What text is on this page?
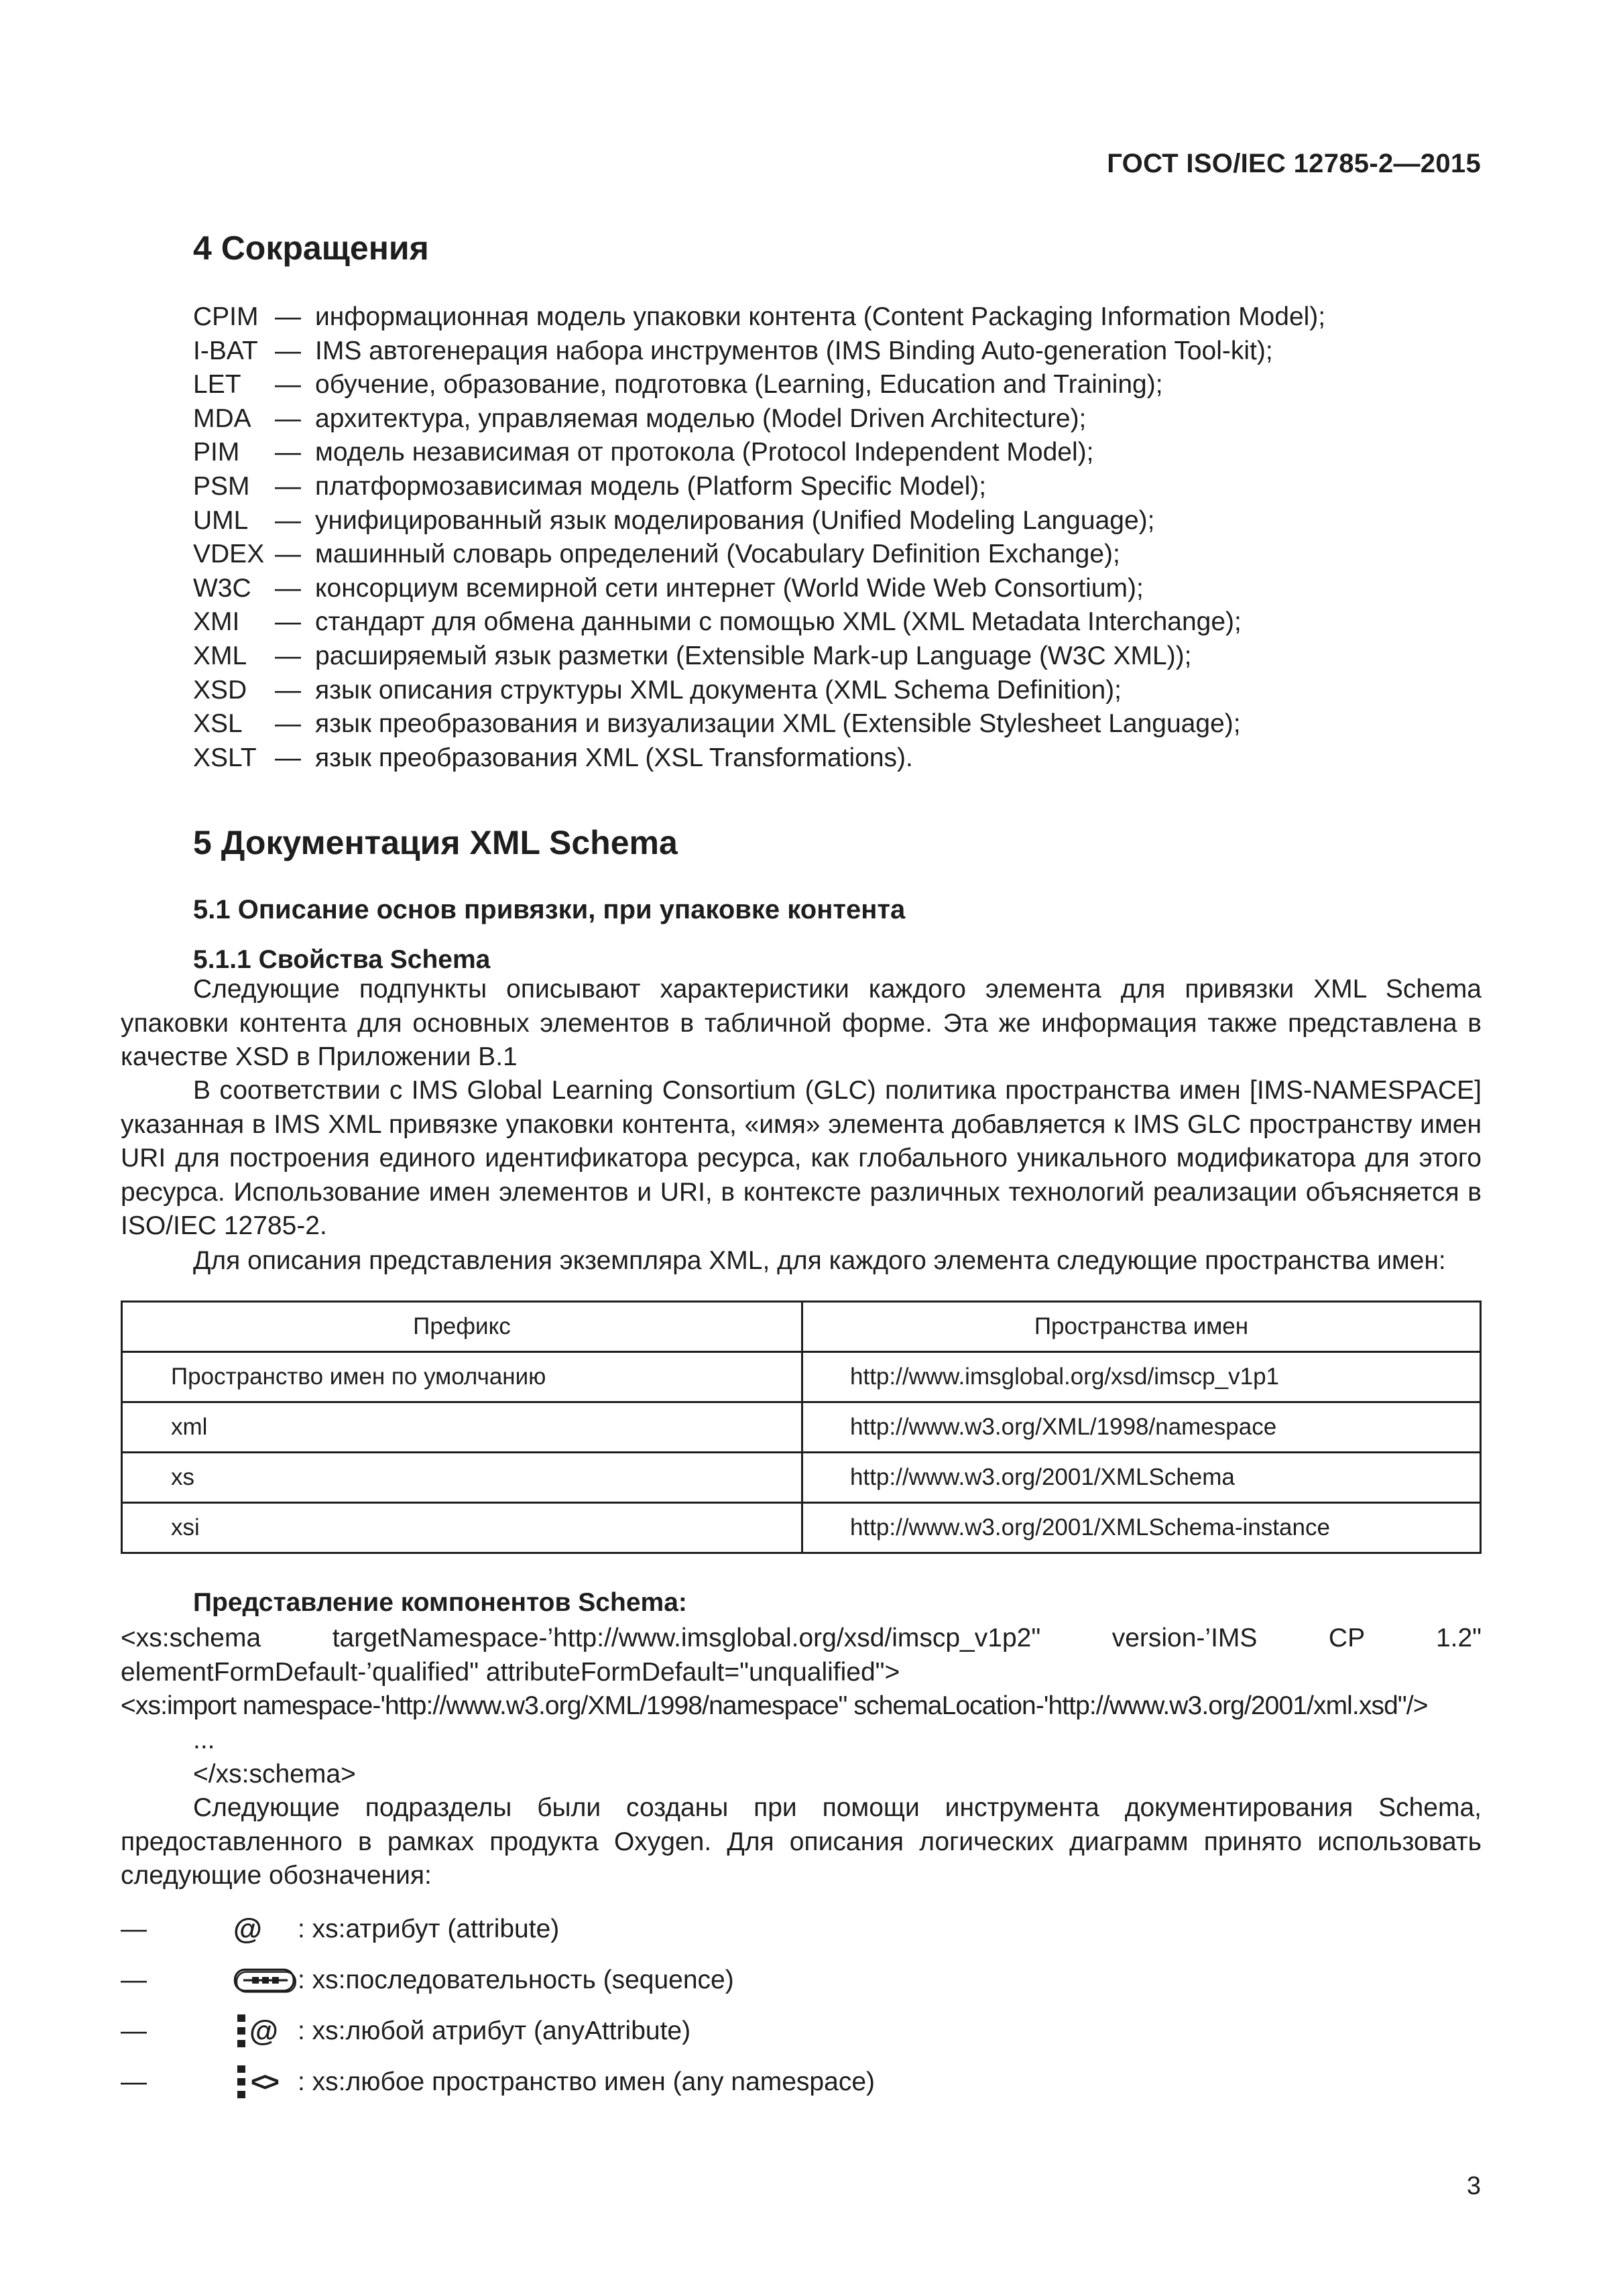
ГОСТ ISO/IEC 12785-2—2015
4 Сокращения
CPIM — информационная модель упаковки контента (Content Packaging Information Model);
I-BAT — IMS автогенерация набора инструментов (IMS Binding Auto-generation Tool-kit);
LET	— обучение, образование, подготовка (Learning, Education and Training);
MDA — архитектура, управляемая моделью (Model Driven Architecture);
PIM	— модель независимая от протокола (Protocol Independent Model);
PSM — платформозависимая модель (Platform Specific Model);
UML	— унифицированный язык моделирования (Unified Modeling Language);
VDEX — машинный словарь определений (Vocabulary Definition Exchange);
W3C — консорциум всемирной сети интернет (World Wide Web Consortium);
XMI	— стандарт для обмена данными с помощью XML (XML Metadata Interchange);
XML	— расширяемый язык разметки (Extensible Mark-up Language (W3C XML));
XSD	— язык описания структуры XML документа (XML Schema Definition);
XSL	— язык преобразования и визуализации XML (Extensible Stylesheet Language);
XSLT — язык преобразования XML (XSL Transformations).
5 Документация XML Schema
5.1 Описание основ привязки, при упаковке контента
5.1.1 Свойства Schema

Следующие подпункты описывают характеристики каждого элемента для привязки XML Schema упаковки контента для основных элементов в табличной форме. Эта же информация также представлена в качестве XSD в Приложении В.1

В соответствии с IMS Global Learning Consortium (GLC) политика пространства имен [IMS-NAMESPACE] указанная в IMS XML привязке упаковки контента, «имя» элемента добавляется к IMS GLC пространству имен URI для построения единого идентификатора ресурса, как глобального уникального модификатора для этого ресурса. Использование имен элементов и URI, в контексте различных технологий реализации объясняется в ISO/IEC 12785-2.

Для описания представления экземпляра XML, для каждого элемента следующие пространства имен:

Префикс	Пространства имен
Пространство имен по умолчанию	http://www.imsglobal.org/xsd/imscp_v1p1
xml	http://www.w3.org/XML/1998/namespace
xs	http://www.w3.org/2001/XMLSchema
xsi	http://www.w3.org/2001/XMLSchema-instance
Представление компонентов Schema:

<xs:schema targetNamespace-’http://www.imsglobal.org/xsd/imscp_v1p2" version-’IMS CP 1.2" elementFormDefault-’qualified" attributeFormDefault="unqualified">

<xs:import namespace-'http://www.w3.org/XML/1998/namespace" schemaLocation-'http://www.w3.org/2001/xml.xsd"/>

...

</xs:schema>

Следующие подразделы были созданы при помощи инструмента документирования Schema, предоставленного в рамках продукта Oxygen. Для описания логических диаграмм принято использовать следующие обозначения:

—	@ : xs:атрибут (attribute)
—	: xs:последовательность (sequence)
—	@ : xs:любой атрибут (anyAttribute)
—	<> : xs:любое пространство имен (any namespace)
3
